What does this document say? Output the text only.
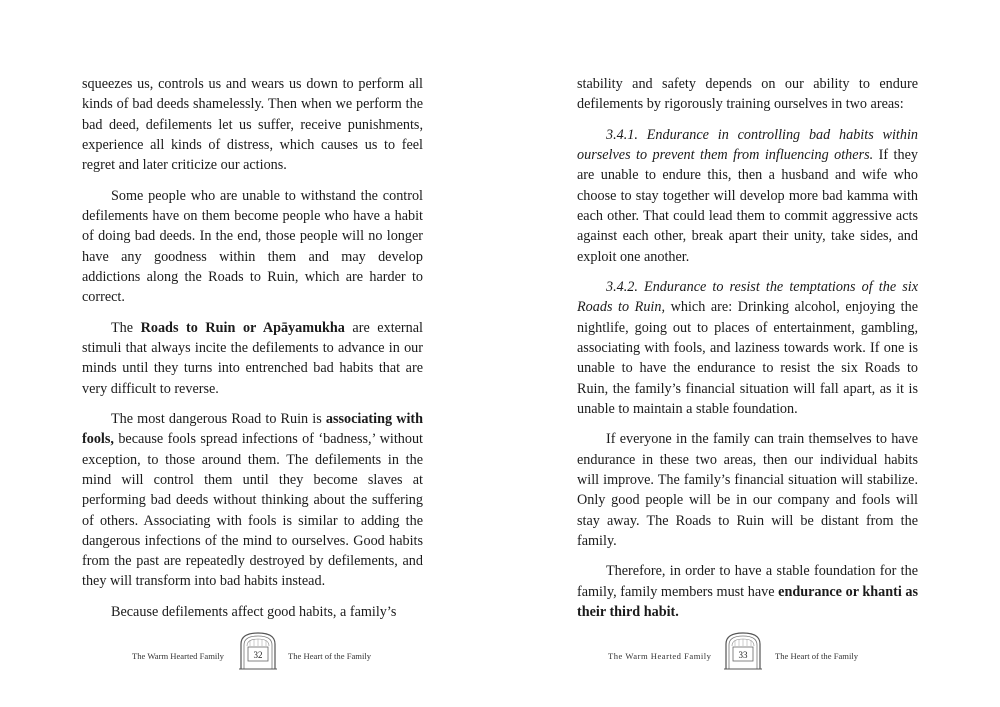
squeezes us, controls us and wears us down to perform all kinds of bad deeds shamelessly. Then when we perform the bad deed, defilements let us suffer, receive punishments, experience all kinds of distress, which causes us to feel regret and later criticize our actions.

Some people who are unable to withstand the control defilements have on them become people who have a habit of doing bad deeds. In the end, those people will no longer have any goodness within them and may develop addictions along the Roads to Ruin, which are harder to correct.

The Roads to Ruin or Apāyamukha are external stimuli that always incite the defilements to advance in our minds until they turns into entrenched bad habits that are very difficult to reverse.

The most dangerous Road to Ruin is associating with fools, because fools spread infections of ‘badness,’ without exception, to those around them. The defilements in the mind will control them until they become slaves at performing bad deeds without thinking about the suffering of others. Associating with fools is similar to adding the dangerous infections of the mind to ourselves. Good habits from the past are repeatedly destroyed by defilements, and they will transform into bad habits instead.

Because defilements affect good habits, a family’s

The Warm Hearted Family	32	The Heart of the Family

stability and safety depends on our ability to endure defilements by rigorously training ourselves in two areas:

3.4.1. Endurance in controlling bad habits within ourselves to prevent them from influencing others. If they are unable to endure this, then a husband and wife who choose to stay together will develop more bad kamma with each other. That could lead them to commit aggressive acts against each other, break apart their unity, take sides, and exploit one another.

3.4.2. Endurance to resist the temptations of the six Roads to Ruin, which are: Drinking alcohol, enjoying the nightlife, going out to places of entertainment, gambling, associating with fools, and laziness towards work. If one is unable to have the endurance to resist the six Roads to Ruin, the family’s financial situation will fall apart, as it is unable to maintain a stable foundation.

If everyone in the family can train themselves to have endurance in these two areas, then our individual habits will improve. The family’s financial situation will stabilize. Only good people will be in our company and fools will stay away. The Roads to Ruin will be distant from the family.

Therefore, in order to have a stable foundation for the family, family members must have endurance or khanti as their third habit.

The Warm Hearted Family	33	The Heart of the Family
